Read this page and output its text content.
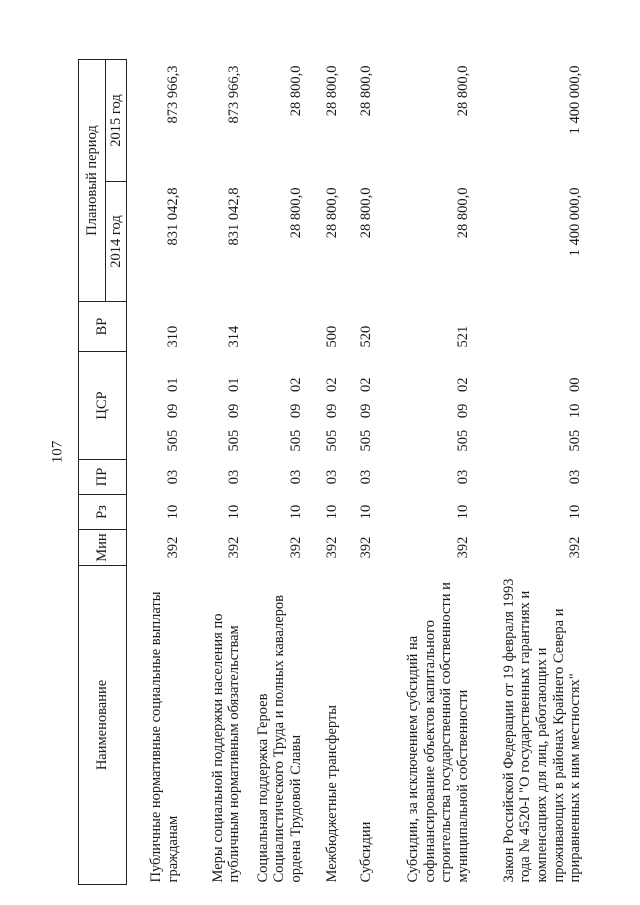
107
Наименование	Мин	Рз	ПР	ЦСР	ВР	Плановый период	
						2014 год	2015 год
Публичные нормативные социальные выплаты гражданам	392	10	03	505 09 01	310	831 042,8	873 966,3
Меры социальной поддержки населения по публичным нормативным обязательствам	392	10	03	505 09 01	314	831 042,8	873 966,3
Социальная поддержка Героев Социалистического Труда и полных кавалеров ордена Трудовой Славы	392	10	03	505 09 02		28 800,0	28 800,0
Межбюджетные трансферты	392	10	03	505 09 02	500	28 800,0	28 800,0
Субсидии	392	10	03	505 09 02	520	28 800,0	28 800,0
Субсидии, за исключением субсидий на софинансирование объектов капитального строительства государственной собственности и муниципальной собственности	392	10	03	505 09 02	521	28 800,0	28 800,0
Закон Российской Федерации от 19 февраля 1993 года № 4520-I "О государственных гарантиях и компенсациях для лиц, работающих и проживающих в районах Крайнего Севера и приравненных к ним местностях"	392	10	03	505 10 00		1 400 000,0	1 400 000,0
